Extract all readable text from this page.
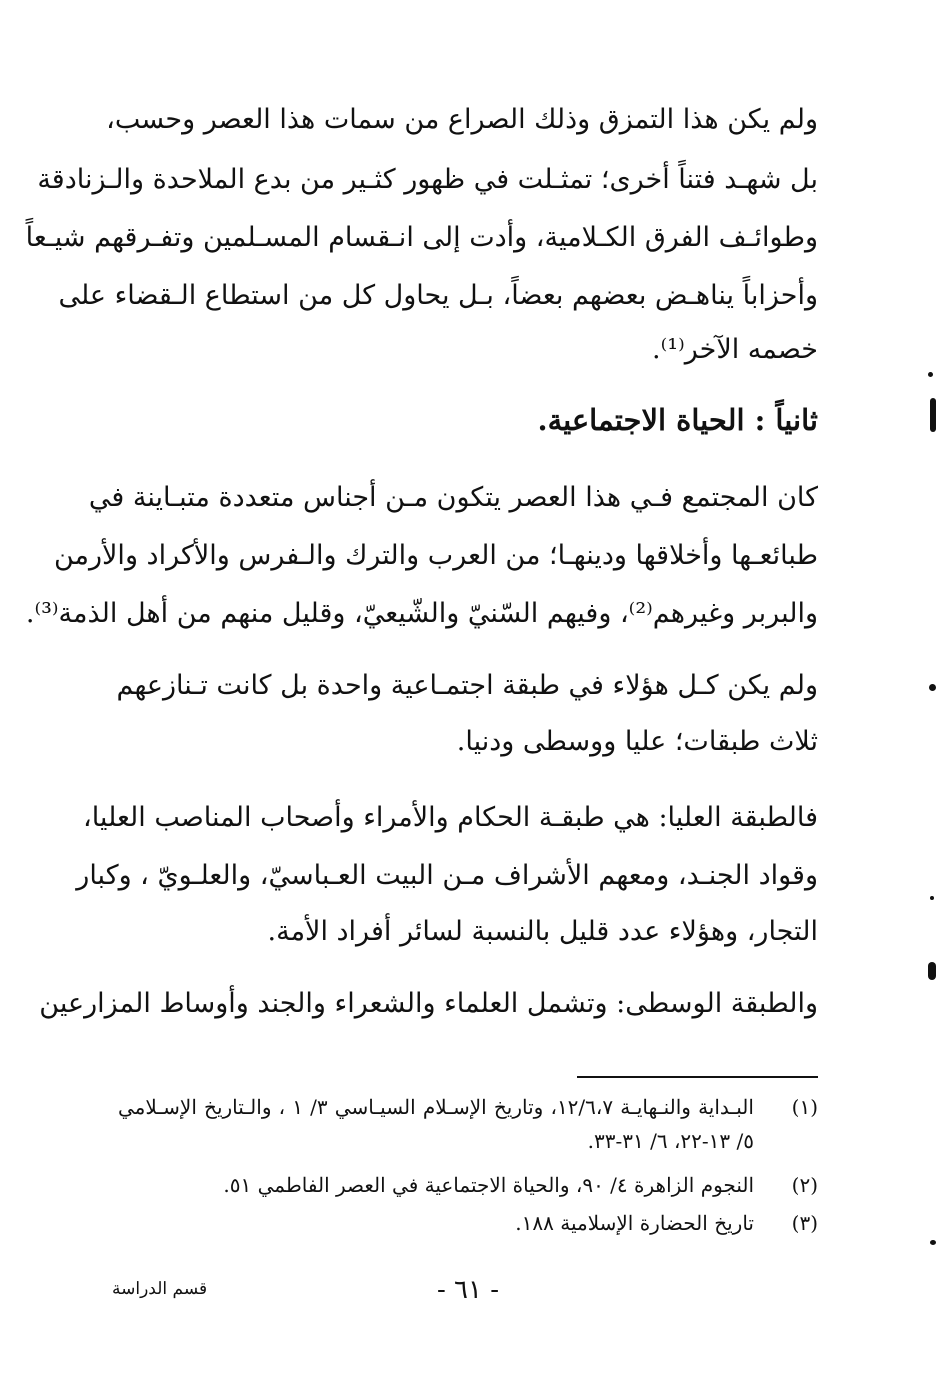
ولم يكن هذا التمزق وذلك الصراع من سمات هذا العصر وحسب،
بل شهـد فتناً أخرى؛ تمثـلت في ظهور كثـير من بدع الملاحدة والـزنادقة
وطوائـف الفرق الكـلامية، وأدت إلى انـقسام المسـلمين وتفـرقهم شيـعاً
وأحزاباً يناهـض بعضهم بعضاً، بـل يحاول كل من استطاع الـقضاء على
خصمه الآخر⁽¹⁾.
ثانياً : الحياة الاجتماعية.
كان المجتمع فـي هذا العصر يتكون مـن أجناس متعددة متبـاينة في
طبائعـها وأخلاقها ودينهـا؛ من العرب والترك والـفرس والأكراد والأرمن
والبربر وغيرهم⁽²⁾، وفيهم السّنيّ والشّيعيّ، وقليل منهم من أهل الذمة⁽³⁾.
ولم يكن كـل هؤلاء في طبقة اجتمـاعية واحدة بل كانت تـنازعهم
ثلاث طبقات؛ عليا ووسطى ودنيا.
فالطبقة العليا: هي طبقـة الحكام والأمراء وأصحاب المناصب العليا،
وقواد الجنـد، ومعهم الأشراف مـن البيت العـباسيّ، والعلـويّ ، وكبار
التجار، وهؤلاء عدد قليل بالنسبة لسائر أفراد الأمة.
والطبقة الوسطى: وتشمل العلماء والشعراء والجند وأوساط المزارعين
(١)
البـداية والنـهايـة ١٢/٦،٧، وتاريخ الإسـلام السيـاسي ٣/ ١ ، والـتاريخ الإسـلامي
٥/ ١٣-٢٢، ٦/ ٣١-٣٣.
(٢)
النجوم الزاهرة ٤/ ٩٠، والحياة الاجتماعية في العصر الفاطمي ٥١.
(٣)
تاريخ الحضارة الإسلامية ١٨٨.
- ٦١ -
قسم الدراسة
